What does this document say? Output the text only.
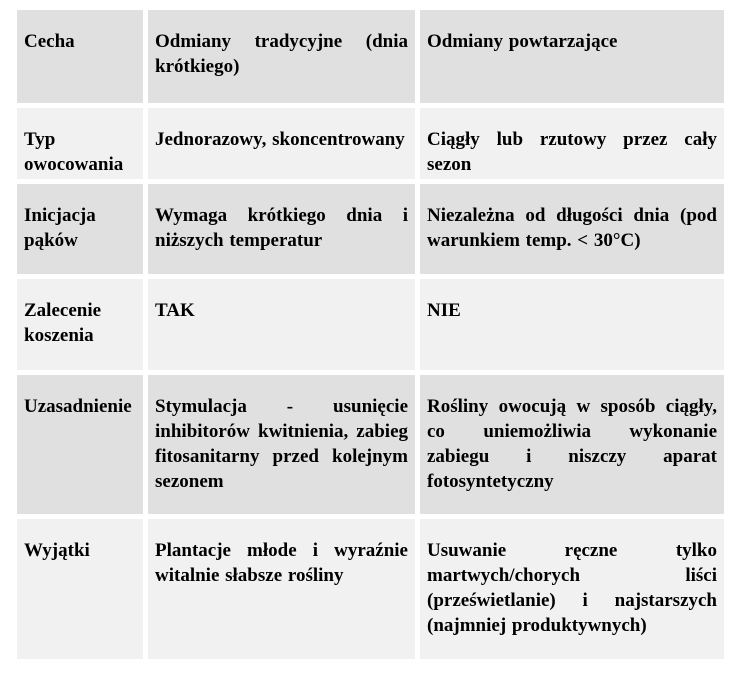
Cecha	Odmiany tradycyjne (dnia krótkiego)	Odmiany powtarzające
Typ owocowania	Jednorazowy, skoncentrowany	Ciągły lub rzutowy przez cały sezon
Inicjacja pąków	Wymaga krótkiego dnia i niższych temperatur	Niezależna od długości dnia (pod warunkiem temp. < 30°C)
Zalecenie koszenia	TAK	NIE
Uzasadnienie	Stymulacja - usunięcie inhibitorów kwitnienia, zabieg fitosanitarny przed kolejnym sezonem	Rośliny owocują w sposób ciągły, co uniemożliwia wykonanie zabiegu i niszczy aparat fotosyntetyczny
Wyjątki	Plantacje młode i wyraźnie witalnie słabsze rośliny	Usuwanie ręczne tylko martwych/chorych liści (prześwietlanie) i najstarszych (najmniej produktywnych)
